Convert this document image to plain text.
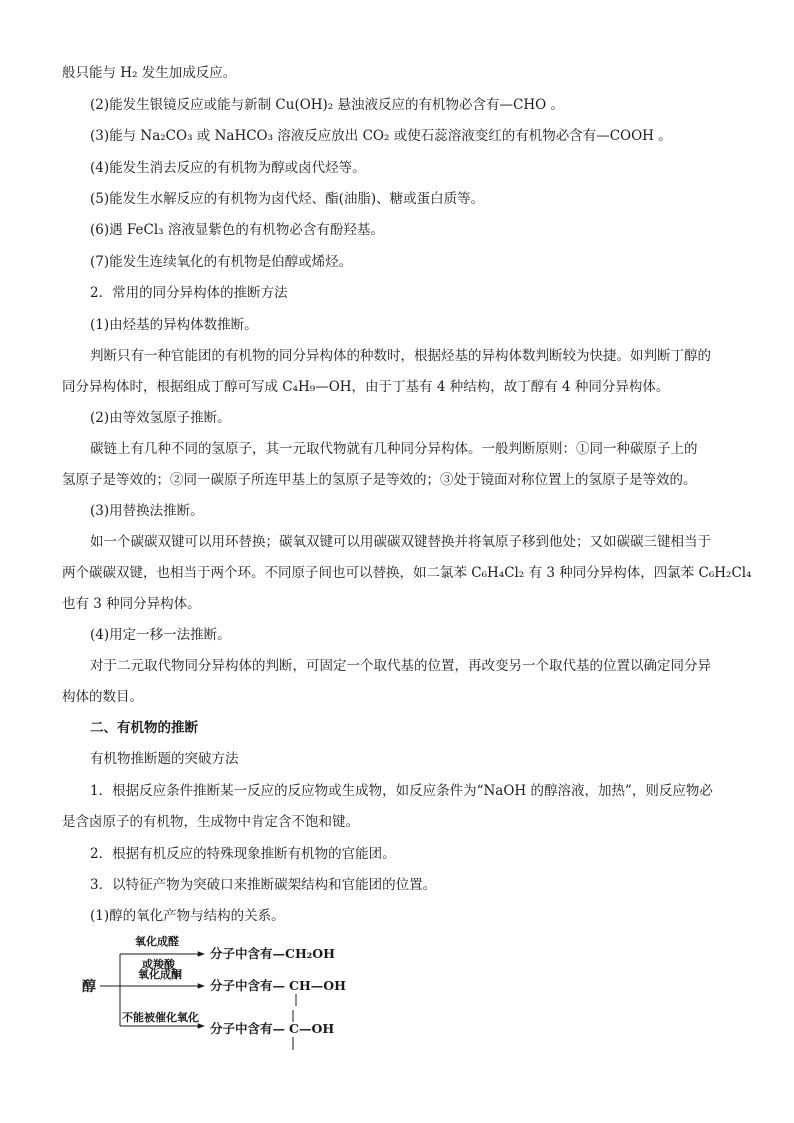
般只能与 H₂ 发生加成反应。
(2)能发生银镜反应或能与新制 Cu(OH)₂ 悬浊液反应的有机物必含有—CHO 。
(3)能与 Na₂CO₃ 或 NaHCO₃ 溶液反应放出 CO₂ 或使石蕊溶液变红的有机物必含有—COOH 。
(4)能发生消去反应的有机物为醇或卤代烃等。
(5)能发生水解反应的有机物为卤代烃、酯(油脂)、糖或蛋白质等。
(6)遇 FeCl₃ 溶液显紫色的有机物必含有酚羟基。
(7)能发生连续氧化的有机物是伯醇或烯烃。
2．常用的同分异构体的推断方法
(1)由烃基的异构体数推断。
判断只有一种官能团的有机物的同分异构体的种数时，根据烃基的异构体数判断较为快捷。如判断丁醇的
同分异构体时，根据组成丁醇可写成 C₄H₉—OH，由于丁基有 4 种结构，故丁醇有 4 种同分异构体。
(2)由等效氢原子推断。
碳链上有几种不同的氢原子，其一元取代物就有几种同分异构体。一般判断原则：①同一种碳原子上的
氢原子是等效的；②同一碳原子所连甲基上的氢原子是等效的；③处于镜面对称位置上的氢原子是等效的。
(3)用替换法推断。
如一个碳碳双键可以用环替换；碳氧双键可以用碳碳双键替换并将氧原子移到他处；又如碳碳三键相当于
两个碳碳双键，也相当于两个环。不同原子间也可以替换，如二氯苯 C₆H₄Cl₂ 有 3 种同分异构体，四氯苯 C₆H₂Cl₄
也有 3 种同分异构体。
(4)用定一移一法推断。
对于二元取代物同分异构体的判断，可固定一个取代基的位置，再改变另一个取代基的位置以确定同分异
构体的数目。
二、有机物的推断
有机物推断题的突破方法
1．根据反应条件推断某一反应的反应物或生成物，如反应条件为“NaOH 的醇溶液，加热”，则反应物必
是含卤原子的有机物，生成物中肯定含不饱和键。
2．根据有机反应的特殊现象推断有机物的官能团。
3．以特征产物为突破口来推断碳架结构和官能团的位置。
(1)醇的氧化产物与结构的关系。
醇
氧化成醛
或羧酸
分子中含有—CH₂OH
氧化成酮
分子中含有— CH—OH
不能被催化氧化
分子中含有— C—OH
